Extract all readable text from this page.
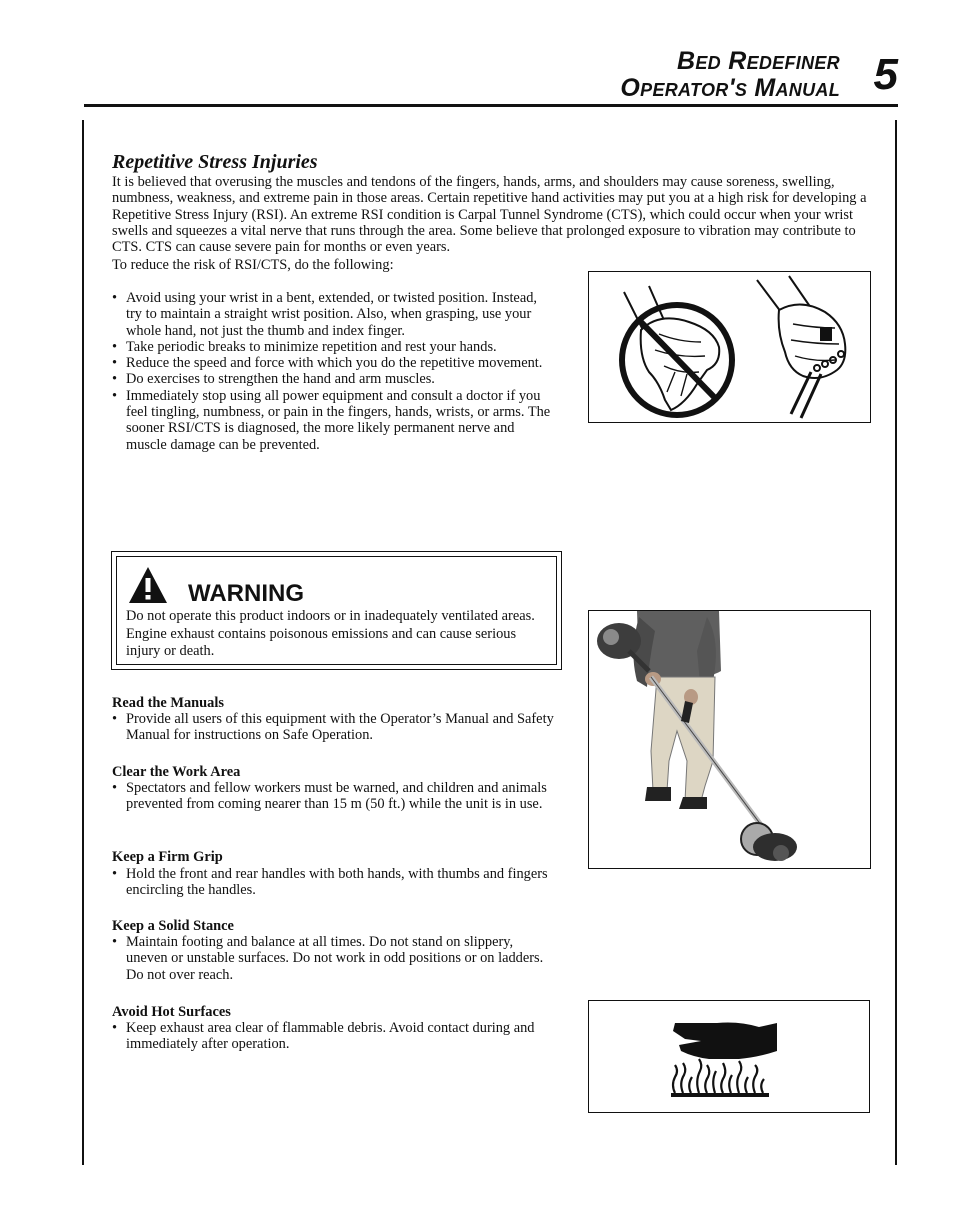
Bed Redefiner
Operator's Manual 5
Repetitive Stress Injuries

It is believed that overusing the muscles and tendons of the fingers, hands, arms, and shoulders may cause soreness, swelling, numbness, weakness, and extreme pain in those areas. Certain repetitive hand activities may put you at a high risk for developing a Repetitive Stress Injury (RSI). An extreme RSI condition is Carpal Tunnel Syndrome (CTS), which could occur when your wrist swells and squeezes a vital nerve that runs through the area. Some believe that prolonged exposure to vibration may contribute to CTS. CTS can cause severe pain for months or even years.

To reduce the risk of RSI/CTS, do the following:

• Avoid using your wrist in a bent, extended, or twisted position. Instead, try to maintain a straight wrist position. Also, when grasping, use your whole hand, not just the thumb and index finger.
• Take periodic breaks to minimize repetition and rest your hands.
• Reduce the speed and force with which you do the repetitive movement.
• Do exercises to strengthen the hand and arm muscles.
• Immediately stop using all power equipment and consult a doctor if you feel tingling, numbness, or pain in the fingers, hands, wrists, or arms. The sooner RSI/CTS is diagnosed, the more likely permanent nerve and muscle damage can be prevented.
WARNING

Do not operate this product indoors or in inadequately ventilated areas. Engine exhaust contains poisonous emissions and can cause serious injury or death.

Read the Manuals
• Provide all users of this equipment with the Operator’s Manual and Safety Manual for instructions on Safe Operation.
Clear the Work Area
• Spectators and fellow workers must be warned, and children and animals prevented from coming nearer than 15 m (50 ft.) while the unit is in use.
Keep a Firm Grip
• Hold the front and rear handles with both hands, with thumbs and fingers encircling the handles.
Keep a Solid Stance
• Maintain footing and balance at all times. Do not stand on slippery, uneven or unstable surfaces. Do not work in odd positions or on ladders. Do not over reach.
Avoid Hot Surfaces
• Keep exhaust area clear of flammable debris. Avoid contact during and immediately after operation.
